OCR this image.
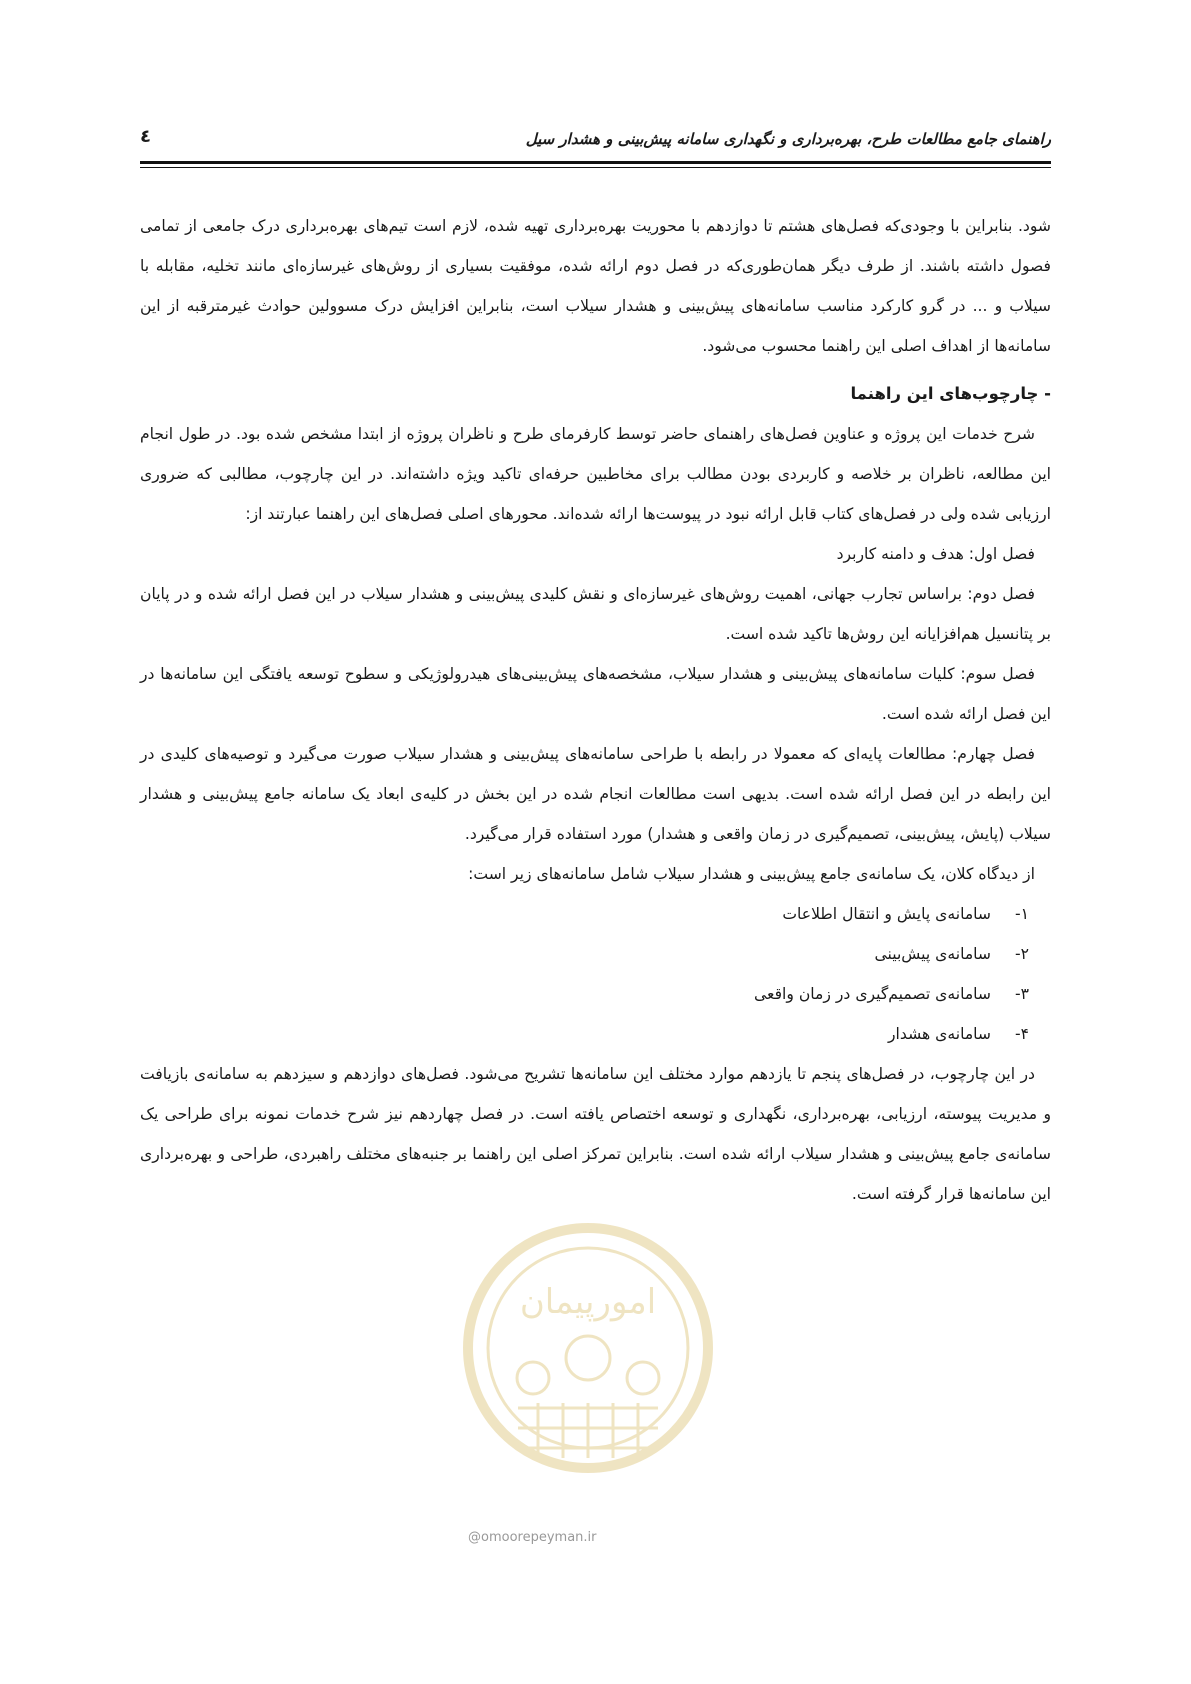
راهنمای جامع مطالعات طرح، بهره‌برداری و نگهداری سامانه پیش‌بینی و هشدار سیل
٤

شود. بنابراین با وجودی‌که فصل‌های هشتم تا دوازدهم با محوریت بهره‌برداری تهیه شده، لازم است تیم‌های بهره‌برداری درک جامعی از تمامی فصول داشته باشند. از طرف دیگر همان‌طوری‌که در فصل دوم ارائه شده، موفقیت بسیاری از روش‌های غیرسازه‌ای مانند تخلیه، مقابله با سیلاب و ... در گرو کارکرد مناسب سامانه‌های پیش‌بینی و هشدار سیلاب است، بنابراین افزایش درک مسوولین حوادث غیرمترقبه از این سامانه‌ها از اهداف اصلی این راهنما محسوب می‌شود.

- چارچوب‌های این راهنما

شرح خدمات این پروژه و عناوین فصل‌های راهنمای حاضر توسط کارفرمای طرح و ناظران پروژه از ابتدا مشخص شده بود. در طول انجام این مطالعه، ناظران بر خلاصه و کاربردی بودن مطالب برای مخاطبین حرفه‌ای تاکید ویژه داشته‌اند. در این چارچوب، مطالبی که ضروری ارزیابی شده ولی در فصل‌های کتاب قابل ارائه نبود در پیوست‌ها ارائه شده‌اند. محورهای اصلی فصل‌های این راهنما عبارتند از:

فصل اول: هدف و دامنه کاربرد

فصل دوم: براساس تجارب جهانی، اهمیت روش‌های غیرسازه‌ای و نقش کلیدی پیش‌بینی و هشدار سیلاب در این فصل ارائه شده و در پایان بر پتانسیل هم‌افزایانه این روش‌ها تاکید شده است.

فصل سوم: کلیات سامانه‌های پیش‌بینی و هشدار سیلاب، مشخصه‌های پیش‌بینی‌های هیدرولوژیکی و سطوح توسعه یافتگی این سامانه‌ها در این فصل ارائه شده است.

فصل چهارم: مطالعات پایه‌ای که معمولا در رابطه با طراحی سامانه‌های پیش‌بینی و هشدار سیلاب صورت می‌گیرد و توصیه‌های کلیدی در این رابطه در این فصل ارائه شده است. بدیهی است مطالعات انجام شده در این بخش در کلیه‌ی ابعاد یک سامانه جامع پیش‌بینی و هشدار سیلاب (پایش، پیش‌بینی، تصمیم‌گیری در زمان واقعی و هشدار) مورد استفاده قرار می‌گیرد.

از دیدگاه کلان، یک سامانه‌ی جامع پیش‌بینی و هشدار سیلاب شامل سامانه‌های زیر است:

١-
سامانه‌ی پایش و انتقال اطلاعات
٢-
سامانه‌ی پیش‌بینی
٣-
سامانه‌ی تصمیم‌گیری در زمان واقعی
۴-
سامانه‌ی هشدار

در این چارچوب، در فصل‌های پنجم تا یازدهم موارد مختلف این سامانه‌ها تشریح می‌شود. فصل‌های دوازدهم و سیزدهم به سامانه‌ی بازیافت و مدیریت پیوسته، ارزیابی، بهره‌برداری، نگهداری و توسعه اختصاص یافته است. در فصل چهاردهم نیز شرح خدمات نمونه برای طراحی یک سامانه‌ی جامع پیش‌بینی و هشدار سیلاب ارائه شده است. بنابراین تمرکز اصلی این راهنما بر جنبه‌های مختلف راهبردی، طراحی و بهره‌برداری این سامانه‌ها قرار گرفته است.

امورپیمان
@omoorepeyman.ir
